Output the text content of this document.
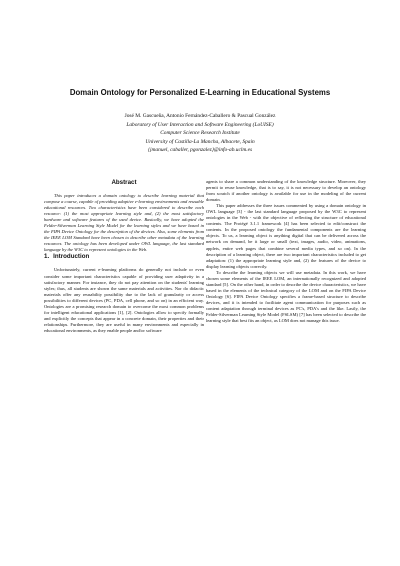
Domain Ontology for Personalized E-Learning in Educational Systems
José M. Gascueña, Antonio Fernández-Caballero & Pascual González
Laboratory of User Interaction and Software Engineering (LoUISE)
Computer Science Research Institute
University of Castilla-La Mancha, Albacete, Spain
{jmanuel, caballer, pgonzalez}@info-ab.uclm.es
Abstract

This paper introduces a domain ontology to describe learning material that compose a course, capable of providing adaptive e-learning environments and reusable educational resources. Two characteristics have been considered to describe each resource: (1) the most appropriate learning style and, (2) the most satisfactory hardware and software features of the used device. Basically, we have adopted the Felder-Silverman Learning Style Model for the learning styles and we have based in the FIPA Device Ontology for the description of the devices. Also, some elements from the IEEE LOM Standard have been chosen to describe other metadata of the learning resources. The ontology has been developed under OWL language, the last standard language by the W3C to represent ontologies in the Web.

1. Introduction

Unfortunately, current e-learning platforms do generally not include or even consider some important characteristics capable of providing user adaptivity in a satisfactory manner. For instance, they do not pay attention on the students' learning styles; thus, all students are shown the same materials and activities. Nor do didactic materials offer any reusability possibility due to the lack of granularity or access possibilities to different devices (PC, PDA, cell phone, and so on) in an efficient way. Ontologies are a promising research domain to overcome the most common problems for intelligent educational applications [1], [2]. Ontologies allow to specify formally and explicitly the concepts that appear in a concrete domain, their properties and their relationships. Furthermore, they are useful in many environments and especially in educational environments, as they enable people and/or software

agents to share a common understanding of the knowledge structure. Moreover, they permit to reuse knowledge, that is to say, it is not necessary to develop an ontology from scratch if another ontology is available for use in the modeling of the current domain.

This paper addresses the three issues commented by using a domain ontology in OWL language [3] - the last standard language proposed by the W3C to represent ontologies in the Web - with the objective of reflecting the structure of educational contents. The Protégé 3.1.1 framework [4] has been selected to edit/construct the contents. In the proposed ontology the fundamental components are the learning objects. To us, a learning object is anything digital that can be delivered across the network on demand, be it large or small (text, images, audio, video, animations, applets, entire web pages that combine several media types, and so on). In the description of a learning object, there are two important characteristics included to get adaptation: (1) the appropriate learning style and, (2) the features of the device to display learning objects correctly.

To describe the learning objects we will use metadata. In this work, we have chosen some elements of the IEEE LOM, an internationally recognized and adopted standard [5]. On the other hand, in order to describe the device characteristics, we have based in the elements of the technical category of the LOM and on the FIPA Device Ontology [6]. FIPA Device Ontology specifies a frame-based structure to describe devices, and it is intended to facilitate agent communication for purposes such as content adaptation through terminal devices as PC's, PDA's and the like. Lastly, the Felder-Silverman Learning Style Model (FSLSM) [7] has been selected to describe the learning style that best fits an object, as LOM does not manage this issue.
